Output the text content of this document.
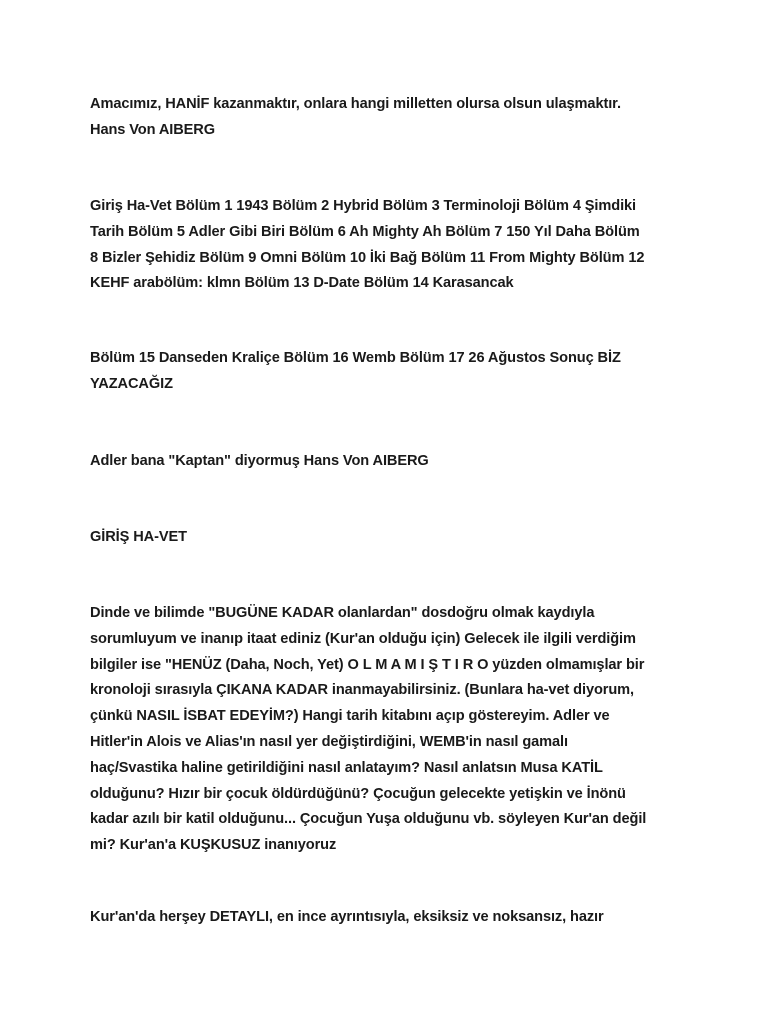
Amacımız, HANİF kazanmaktır, onlara hangi milletten olursa olsun ulaşmaktır.
Hans Von AIBERG

Giriş Ha-Vet Bölüm 1 1943 Bölüm 2 Hybrid Bölüm 3 Terminoloji Bölüm 4 Şimdiki
Tarih Bölüm 5 Adler Gibi Biri Bölüm 6 Ah Mighty Ah Bölüm 7 150 Yıl Daha Bölüm
8 Bizler Şehidiz Bölüm 9 Omni Bölüm 10 İki Bağ Bölüm 11 From Mighty Bölüm 12
KEHF arabölüm: klmn Bölüm 13 D-Date Bölüm 14 Karasancak

Bölüm 15 Danseden Kraliçe Bölüm 16 Wemb Bölüm 17 26 Ağustos Sonuç BİZ
YAZACAĞIZ

Adler bana "Kaptan" diyormuş Hans Von AIBERG

GİRİŞ HA-VET

Dinde ve bilimde "BUGÜNE KADAR olanlardan" dosdoğru olmak kaydıyla
sorumluyum ve inanıp itaat ediniz (Kur'an olduğu için) Gelecek ile ilgili verdiğim
bilgiler ise "HENÜZ (Daha, Noch, Yet) O L M A M I Ş T I R O yüzden olmamışlar bir
kronoloji sırasıyla ÇIKANA KADAR inanmayabilirsiniz. (Bunlara ha-vet diyorum,
çünkü NASIL İSBAT EDEYİM?) Hangi tarih kitabını açıp göstereyim. Adler ve
Hitler'in Alois ve Alias'ın nasıl yer değiştirdiğini, WEMB'in nasıl gamalı
haç/Svastika haline getirildiğini nasıl anlatayım? Nasıl anlatsın Musa KATİL
olduğunu? Hızır bir çocuk öldürdüğünü? Çocuğun gelecekte yetişkin ve İnönü
kadar azılı bir katil olduğunu... Çocuğun Yuşa olduğunu vb. söyleyen Kur'an değil
mi? Kur'an'a KUŞKUSUZ inanıyoruz

Kur'an'da herşey DETAYLI, en ince ayrıntısıyla, eksiksiz ve noksansız, hazır
